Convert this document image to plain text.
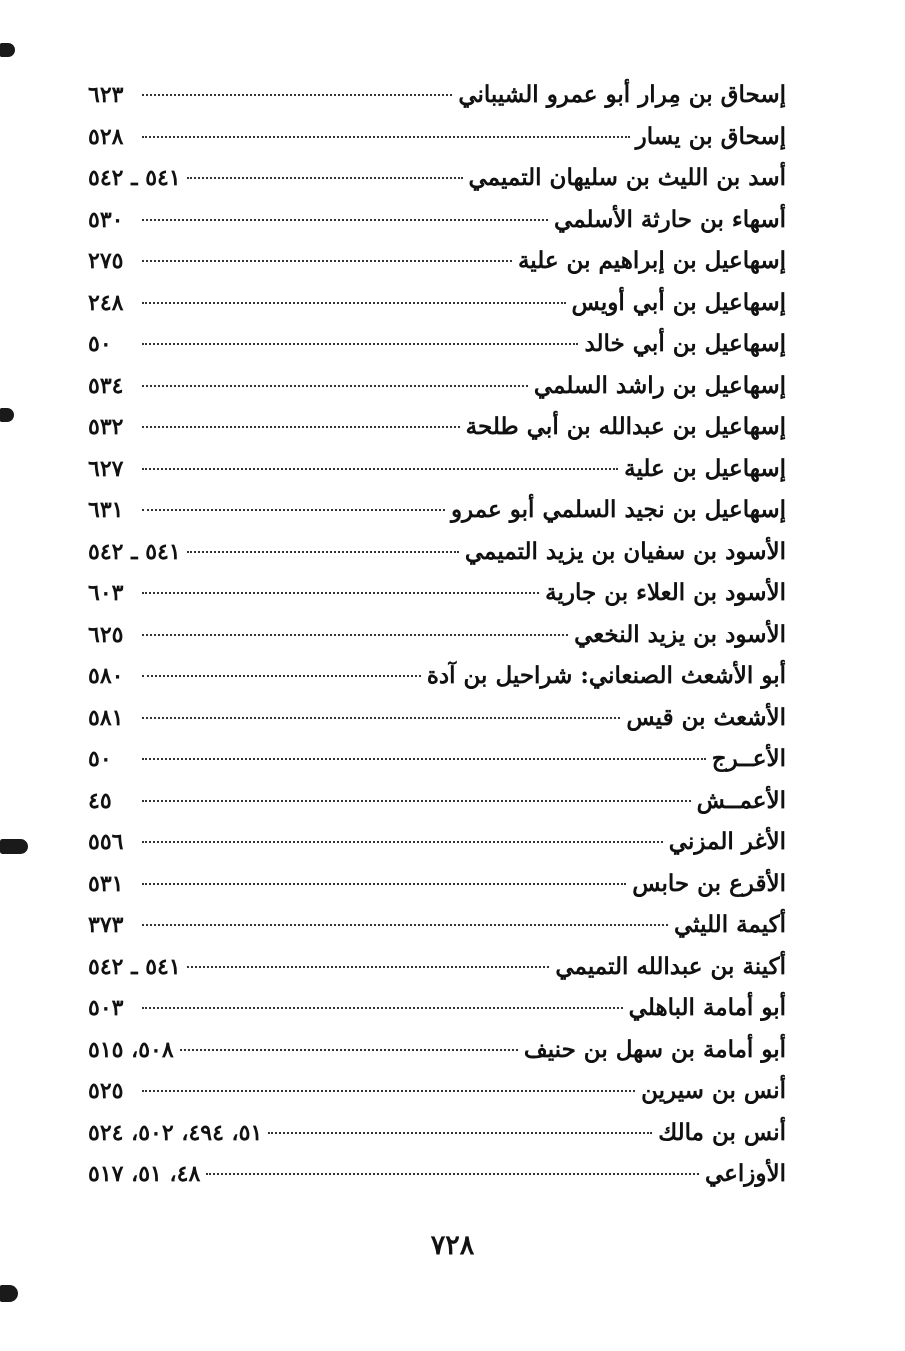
إسحاق بن مِرار أبو عمرو الشيباني
٦٢٣
إسحاق بن يسار
٥٢٨
أسد بن الليث بن سليهان التميمي
٥٤١ ـ ٥٤٢
أسهاء بن حارثة الأسلمي
٥٣٠
إسهاعيل بن إبراهيم بن علية
٢٧٥
إسهاعيل بن أبي أويس
٢٤٨
إسهاعيل بن أبي خالد
٥٠
إسهاعيل بن راشد السلمي
٥٣٤
إسهاعيل بن عبدالله بن أبي طلحة
٥٣٢
إسهاعيل بن علية
٦٢٧
إسهاعيل بن نجيد السلمي أبو عمرو
٦٣١
الأسود بن سفيان بن يزيد التميمي
٥٤١ ـ ٥٤٢
الأسود بن العلاء بن جارية
٦٠٣
الأسود بن يزيد النخعي
٦٢٥
أبو الأشعث الصنعاني: شراحيل بن آدة
٥٨٠
الأشعث بن قيس
٥٨١
الأعــرج
٥٠
الأعمــش
٤٥
الأغر المزني
٥٥٦
الأقرع بن حابس
٥٣١
أكيمة الليثي
٣٧٣
أكينة بن عبدالله التميمي
٥٤١ ـ ٥٤٢
أبو أمامة الباهلي
٥٠٣
أبو أمامة بن سهل بن حنيف
٥٠٨، ٥١٥
أنس بن سيرين
٥٢٥
أنس بن مالك
٥١، ٤٩٤، ٥٠٢، ٥٢٤
الأوزاعي
٤٨، ٥١، ٥١٧
٧٢٨
